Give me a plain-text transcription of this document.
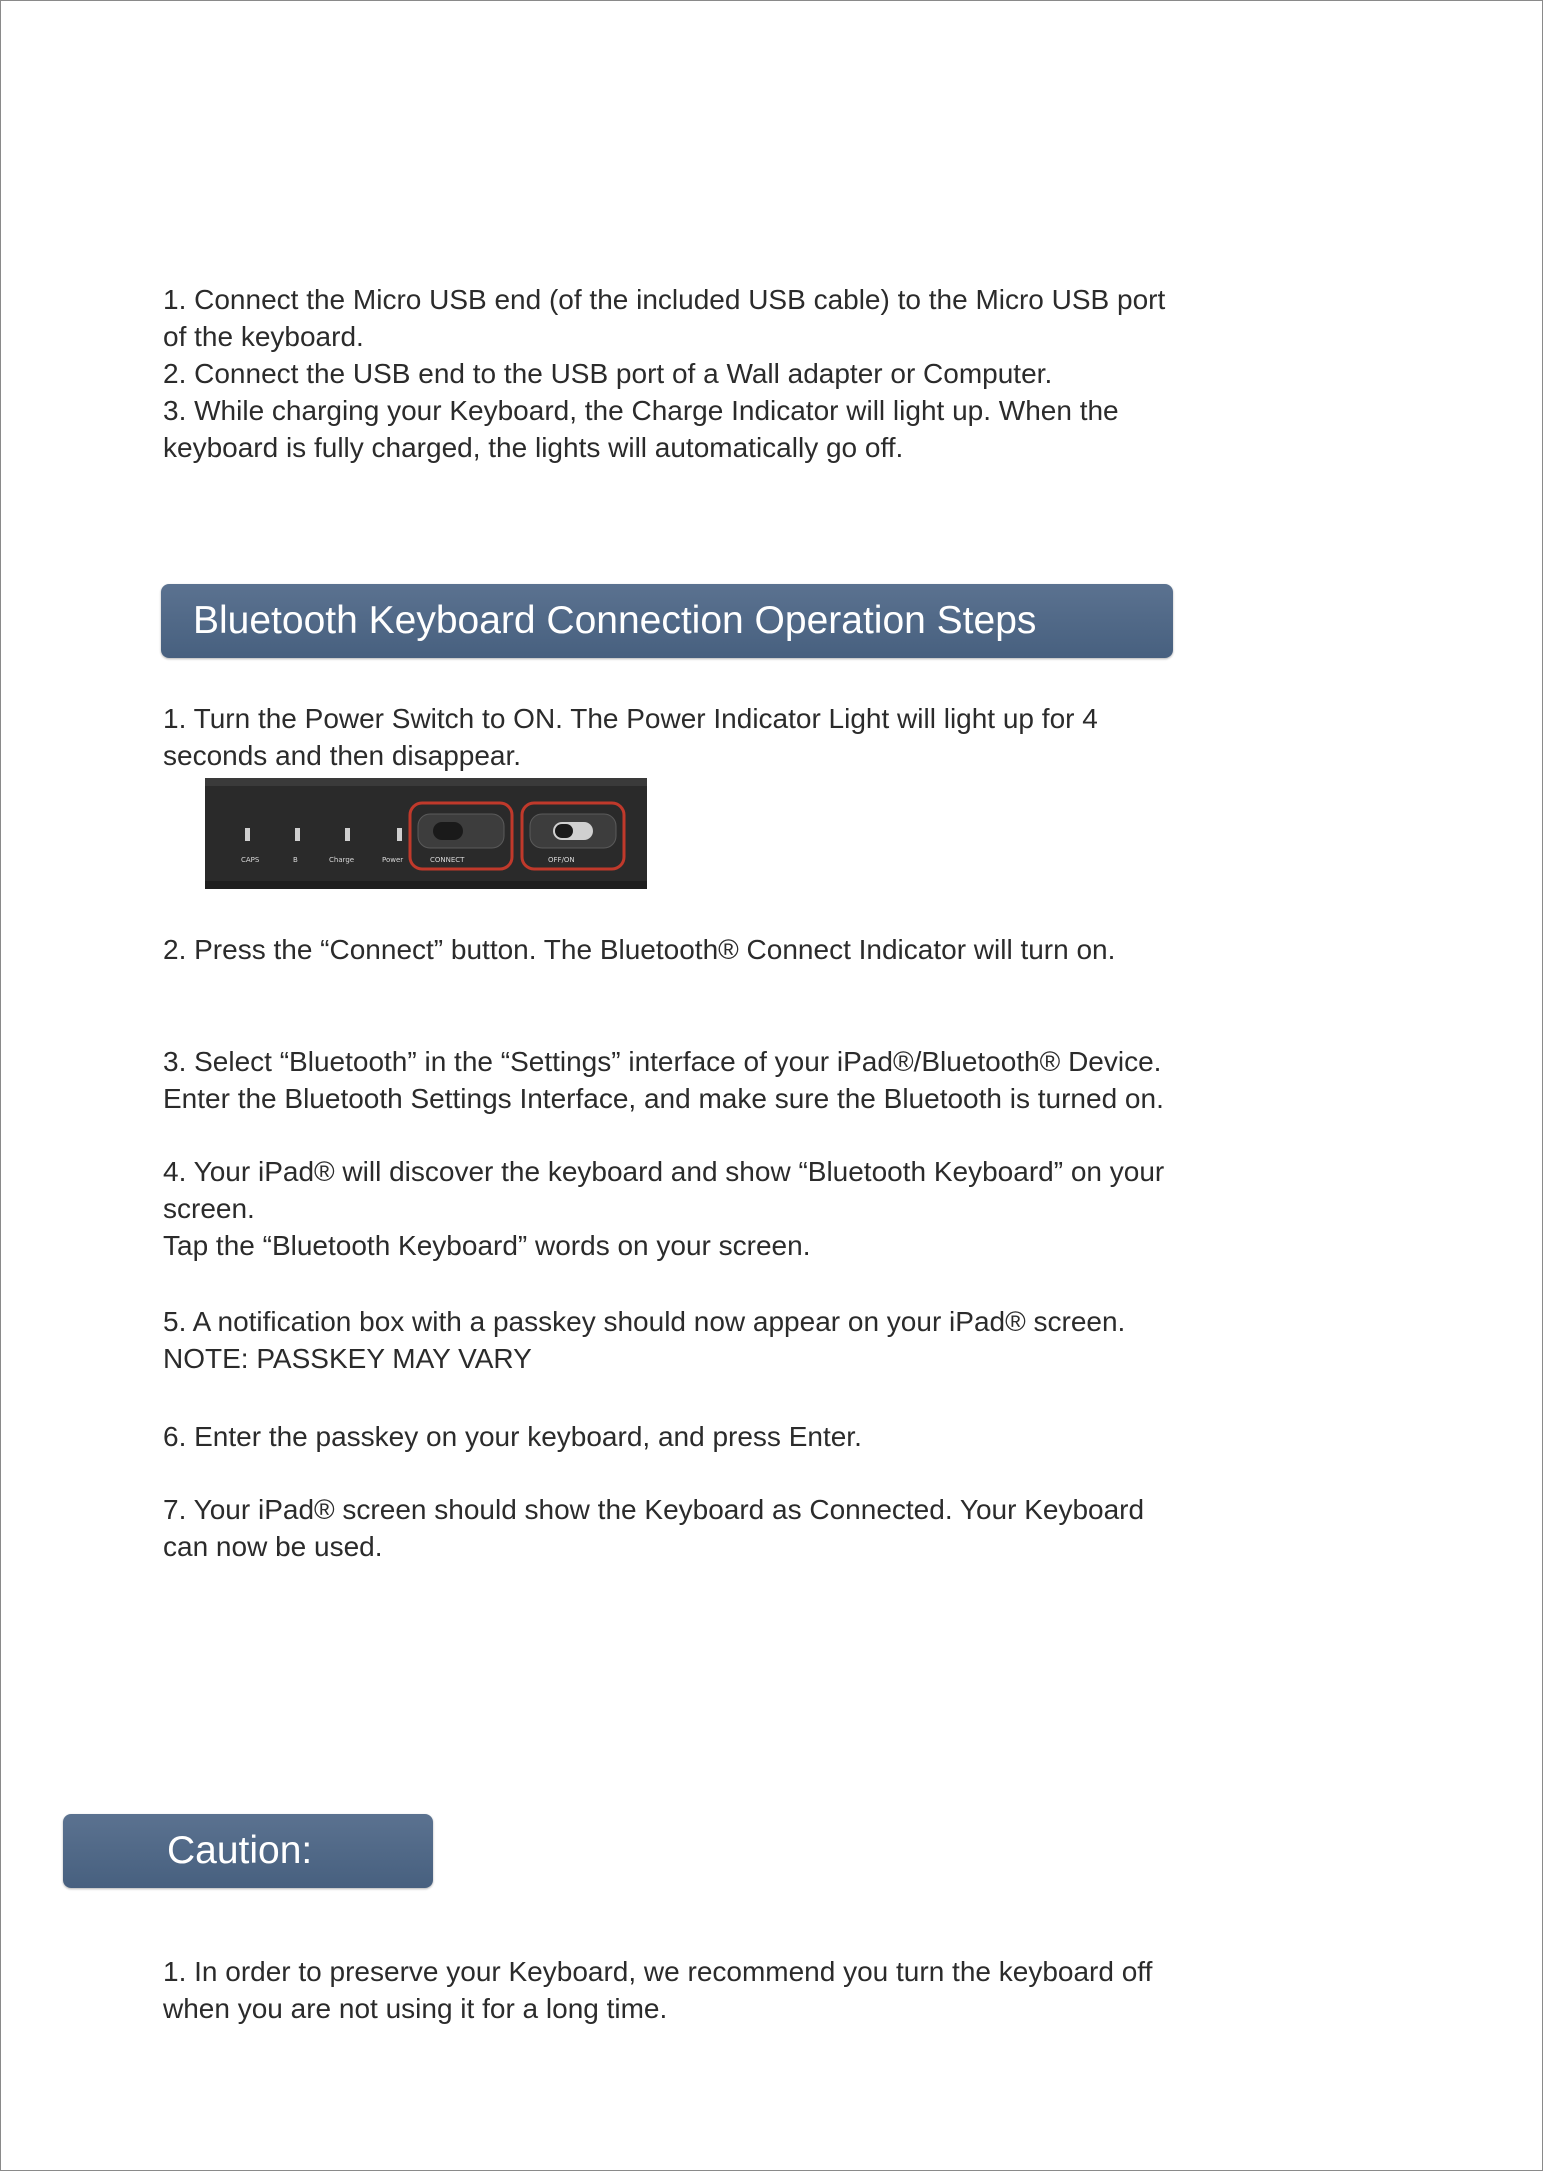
1. Connect the Micro USB end (of the included USB cable) to the Micro USB port

of the keyboard.

2. Connect the USB end to the USB port of a Wall adapter or Computer.

3. While charging your Keyboard, the Charge Indicator will light up. When the

keyboard is fully charged, the lights will automatically go off.

Bluetooth Keyboard Connection Operation Steps

1. Turn the Power Switch to ON. The Power Indicator Light will light up for 4

seconds and then disappear.

CAPS	B	Charge	Power	CONNECT	OFF/ON

2. Press the “Connect” button. The Bluetooth® Connect Indicator will turn on.

3. Select “Bluetooth” in the “Settings” interface of your iPad®/Bluetooth® Device.

Enter the Bluetooth Settings Interface, and make sure the Bluetooth is turned on.

4. Your iPad® will discover the keyboard and show “Bluetooth Keyboard” on your

screen.

Tap the “Bluetooth Keyboard” words on your screen.

5. A notification box with a passkey should now appear on your iPad® screen.

NOTE: PASSKEY MAY VARY

6. Enter the passkey on your keyboard, and press Enter.

7. Your iPad® screen should show the Keyboard as Connected. Your Keyboard

can now be used.

Caution:

1. In order to preserve your Keyboard, we recommend you turn the keyboard off

when you are not using it for a long time.
